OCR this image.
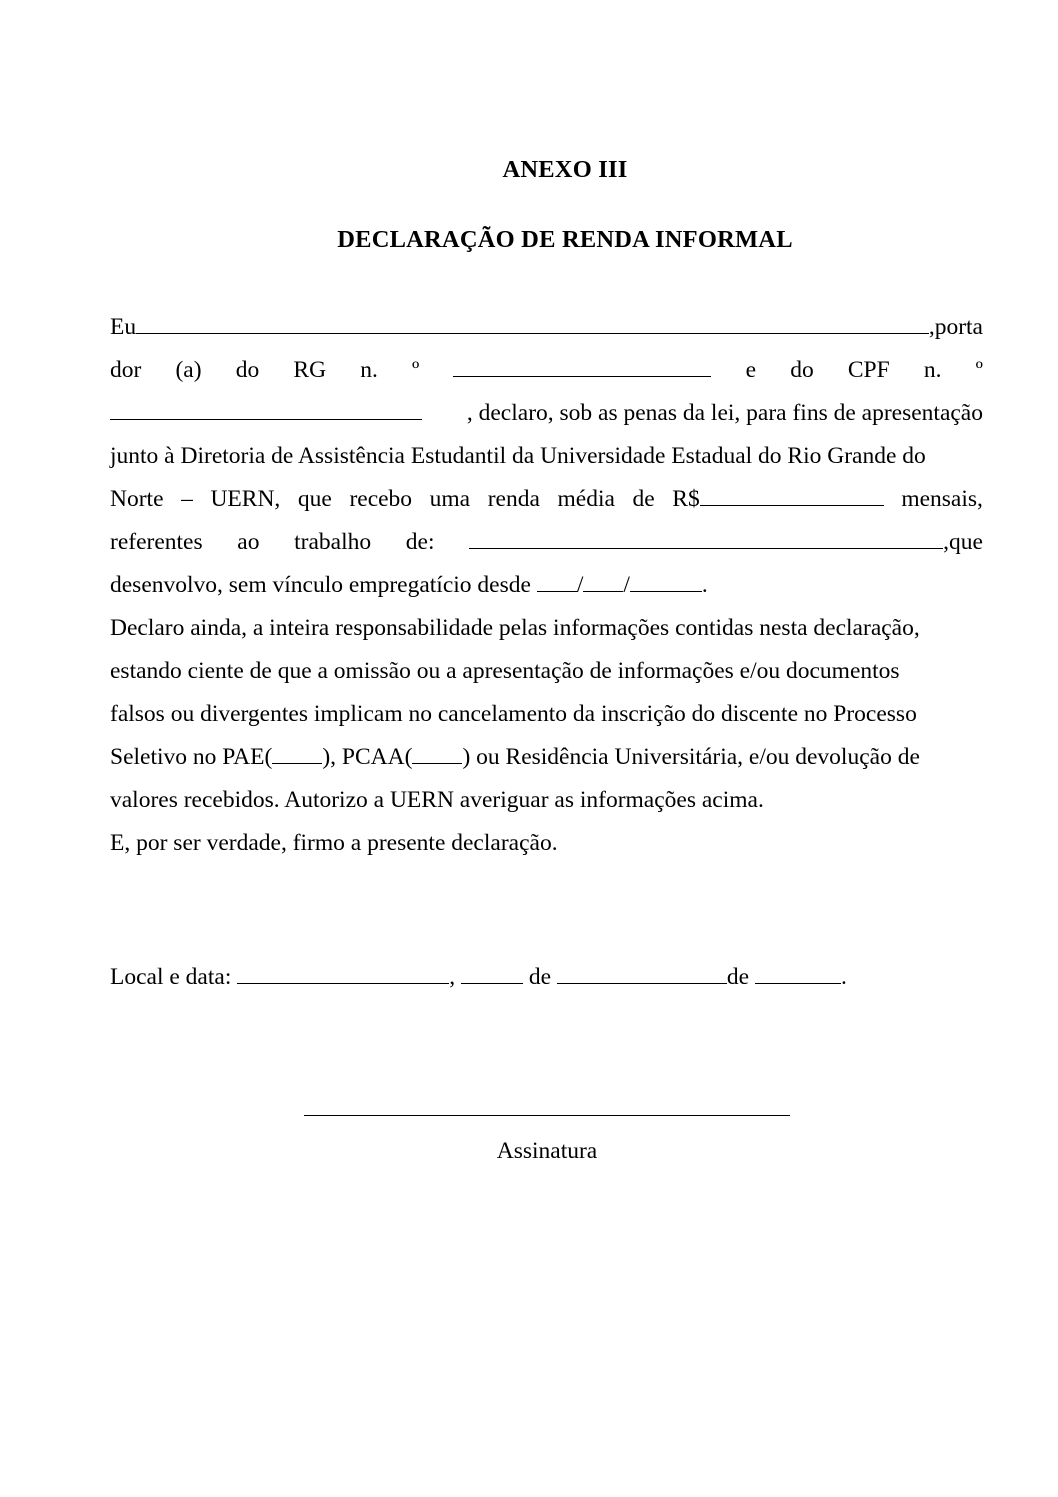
ANEXO III
DECLARAÇÃO DE RENDA INFORMAL
Eu	,porta
dor (a) do RG n. º	e do CPF n. º
, declaro, sob as penas da lei, para fins de apresentação
junto à Diretoria de Assistência Estudantil da Universidade Estadual do Rio Grande do
Norte – UERN, que recebo uma renda média de R$	mensais,
referentes ao trabalho de:	,que
desenvolvo, sem vínculo empregatício desde / /	.
Declaro ainda, a inteira responsabilidade pelas informações contidas nesta declaração,
estando ciente de que a omissão ou a apresentação de informações e/ou documentos
falsos ou divergentes implicam no cancelamento da inscrição do discente no Processo
Seletivo no PAE( ), PCAA( ) ou Residência Universitária, e/ou devolução de
valores recebidos. Autorizo a UERN averiguar as informações acima.
E, por ser verdade, firmo a presente declaração.
Local e data:	,	de	de	.
Assinatura
